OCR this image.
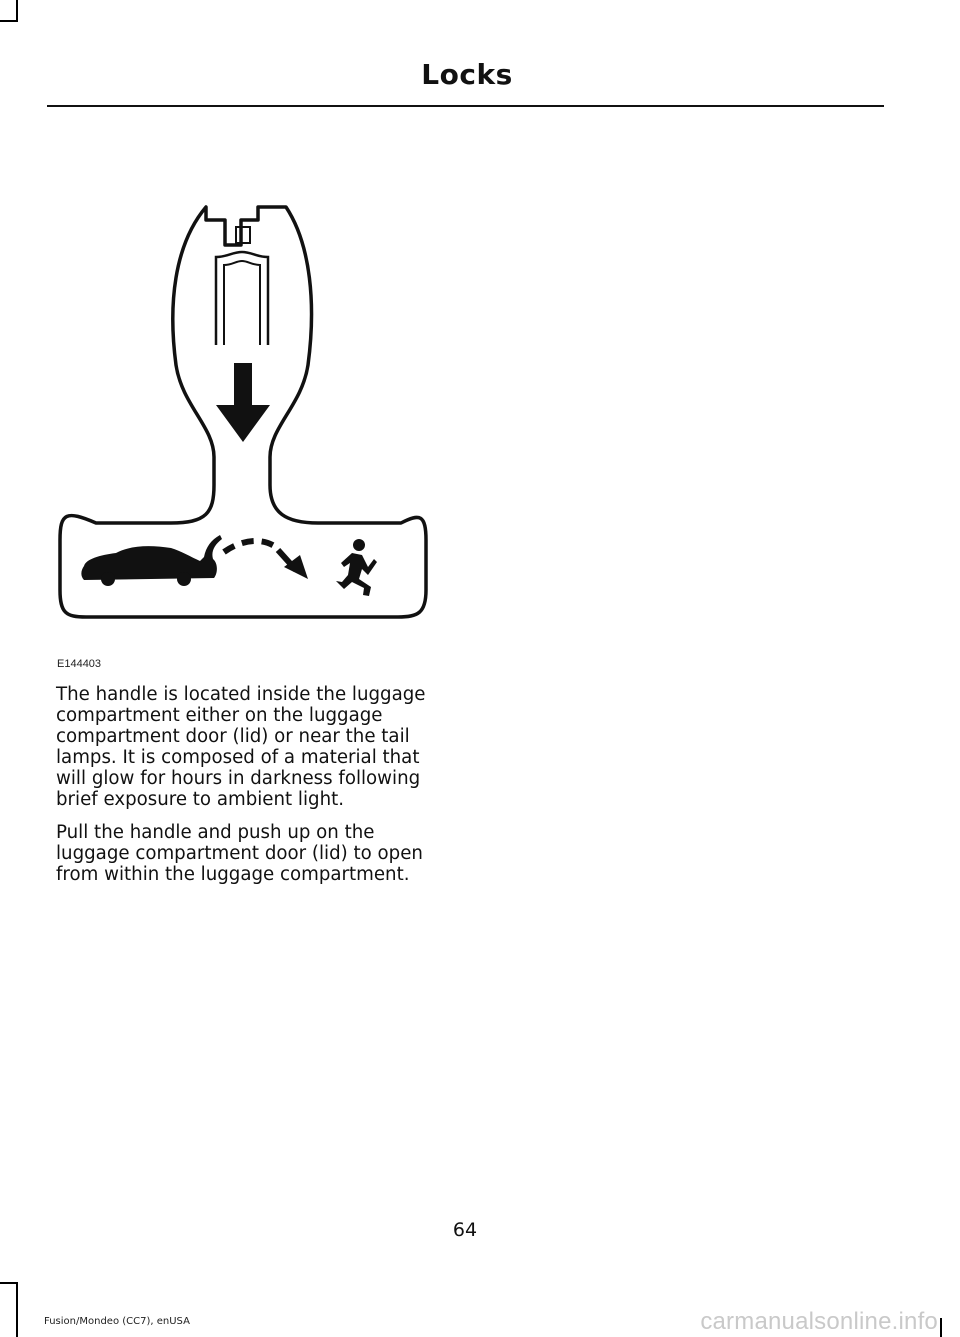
Locks
E144403

The handle is located inside the luggage compartment either on the luggage compartment door (lid) or near the tail lamps. It is composed of a material that will glow for hours in darkness following brief exposure to ambient light.

Pull the handle and push up on the luggage compartment door (lid) to open from within the luggage compartment.

64
Fusion/Mondeo (CC7), enUSA	carmanualsonline.info
